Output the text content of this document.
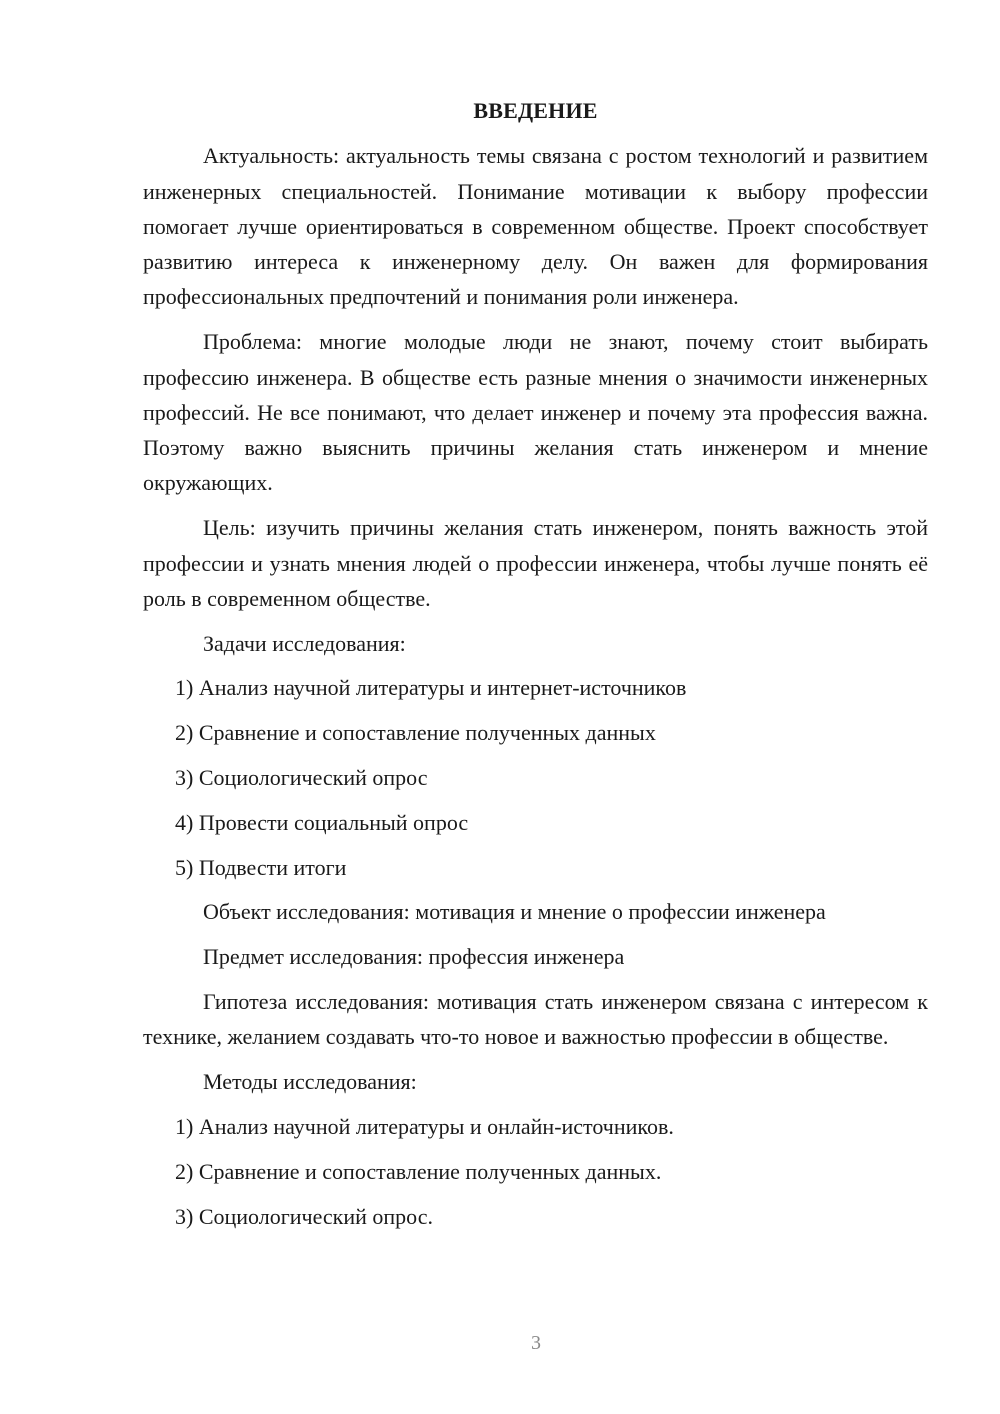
ВВЕДЕНИЕ

Актуальность: актуальность темы связана с ростом технологий и развитием инженерных специальностей. Понимание мотивации к выбору профессии помогает лучше ориентироваться в современном обществе. Проект способствует развитию интереса к инженерному делу. Он важен для формирования профессиональных предпочтений и понимания роли инженера.

Проблема: многие молодые люди не знают, почему стоит выбирать профессию инженера. В обществе есть разные мнения о значимости инженерных профессий. Не все понимают, что делает инженер и почему эта профессия важна. Поэтому важно выяснить причины желания стать инженером и мнение окружающих.

Цель: изучить причины желания стать инженером, понять важность этой профессии и узнать мнения людей о профессии инженера, чтобы лучше понять её роль в современном обществе.

Задачи исследования:

1) Анализ научной литературы и интернет-источников
2) Сравнение и сопоставление полученных данных
3) Социологический опрос
4) Провести социальный опрос
5) Подвести итоги

Объект исследования: мотивация и мнение о профессии инженера

Предмет исследования: профессия инженера

Гипотеза исследования: мотивация стать инженером связана с интересом к технике, желанием создавать что-то новое и важностью профессии в обществе.

Методы исследования:

1) Анализ научной литературы и онлайн-источников.
2) Сравнение и сопоставление полученных данных.
3) Социологический опрос.
3
